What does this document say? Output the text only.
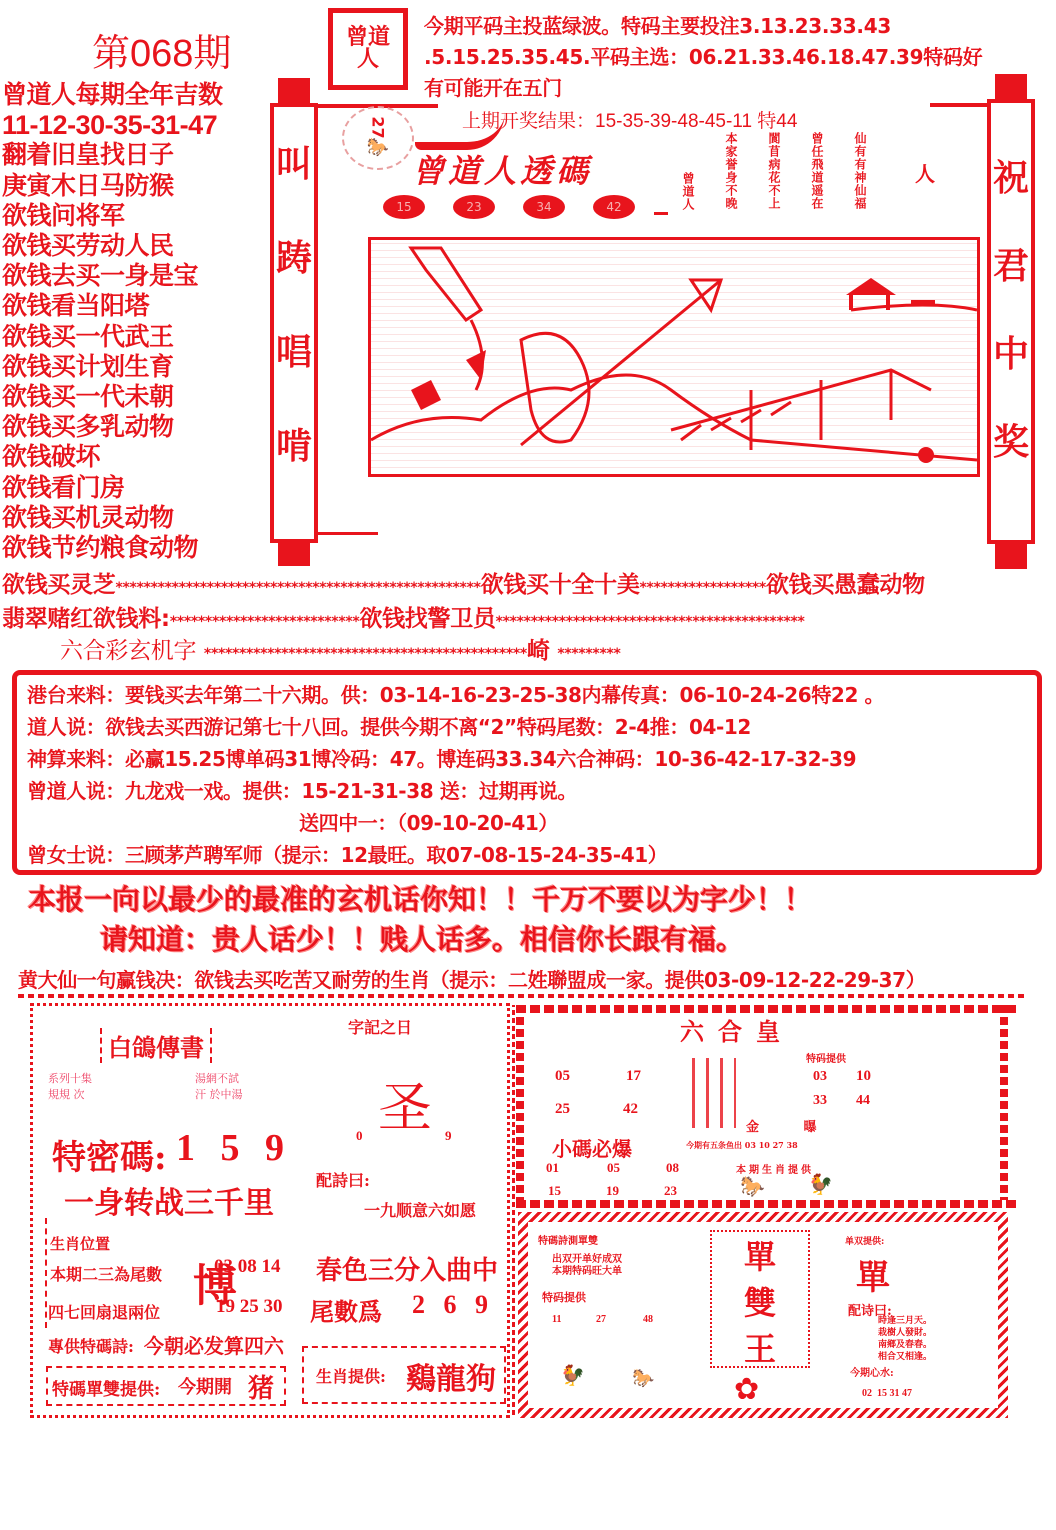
第068期	曾道人
今期平码主投蓝绿波。特码主要投注3.13.23.33.43
.5.15.25.35.45.平码主选：06.21.33.46.18.47.39特码好
有可能开在五门
上期开奖结果：15-35-39-48-45-11 特44
曾道人每期全年吉数
11-12-30-35-31-47
翻着旧皇找日子
庚寅木日马防猴
欲钱问将军
欲钱买劳动人民
欲钱去买一身是宝
欲钱看当阳塔
欲钱买一代武王
欲钱买计划生育
欲钱买一代未朝
欲钱买多乳动物
欲钱破坏
欲钱看门房
欲钱买机灵动物
欲钱节约粮食动物
叫
踌
唱
啃
祝
君
中
奖
27
🐎
曾道人透碼
15	23	34	42	曾道人 本家誉身不晚 閬苜病花不上 曾任飛道遥在 仙有有神仙福 人
欲钱买灵芝****************************************************欲钱买十全十美******************欲钱买愚蠢动物
翡翠赌红欲钱料:***************************欲钱找警卫员********************************************
六合彩玄机字 **********************************************崎 *********
港台来料：要钱买去年第二十六期。供：03-14-16-23-25-38内幕传真：06-10-24-26特22 。
道人说：欲钱去买西游记第七十八回。提供今期不离“2”特码尾数：2-4推：04-12
神算来料：必赢15.25博单码31博冷码：47。博连码33.34六合神码：10-36-42-17-32-39
曾道人说：九龙戏一戏。提供：15-21-31-38 送：过期再说。
送四中一：（09-10-20-41）
曾女士说：三顾茅芦聘军师（提示：12最旺。取07-08-15-24-35-41）
本报一向以最少的最准的玄机话你知！！千万不要以为字少！！
请知道：贵人话少！！贱人话多。相信你长跟有福。
黄大仙一句赢钱决：欲钱去买吃苦又耐劳的生肖（提示：二姓聯盟成一家。提供03-09-12-22-29-37）
白鴿傳書
系列十集
規規 次
湯網不試
汗 於中湯
特密碼: 1 5 9
一身转战三千里
生肖位置
本期二三為尾數
四七回扇退兩位
博
03 08 14
19 25 30
專供特碼詩: 今朝必发算四六
特碼單雙提供: 今期開 猪
字記之日
圣
0	9
配詩曰:
一九顺意六如愿
春色三分入曲中
尾數爲 2 6 9
生肖提供: 鷄龍狗
六合皇
05	17
25	42
特码提供
03 10
33 44
金 曝
小碼必爆	今期有五条鱼出 03 10 27 38
01	05	08
15	19	23
本期生肖提供
🐎 🐓
特碼詩測單雙
出双开单好成双
本期特码旺大单
特码提供
11	27	48
🐓	🐎
單
雙
王
✿
单双提供:
單
配诗曰:
時逢三月天。
栽樹人發財。
南鄉及春春。
相合又相逢。
今期心水:
02  15 31 47
